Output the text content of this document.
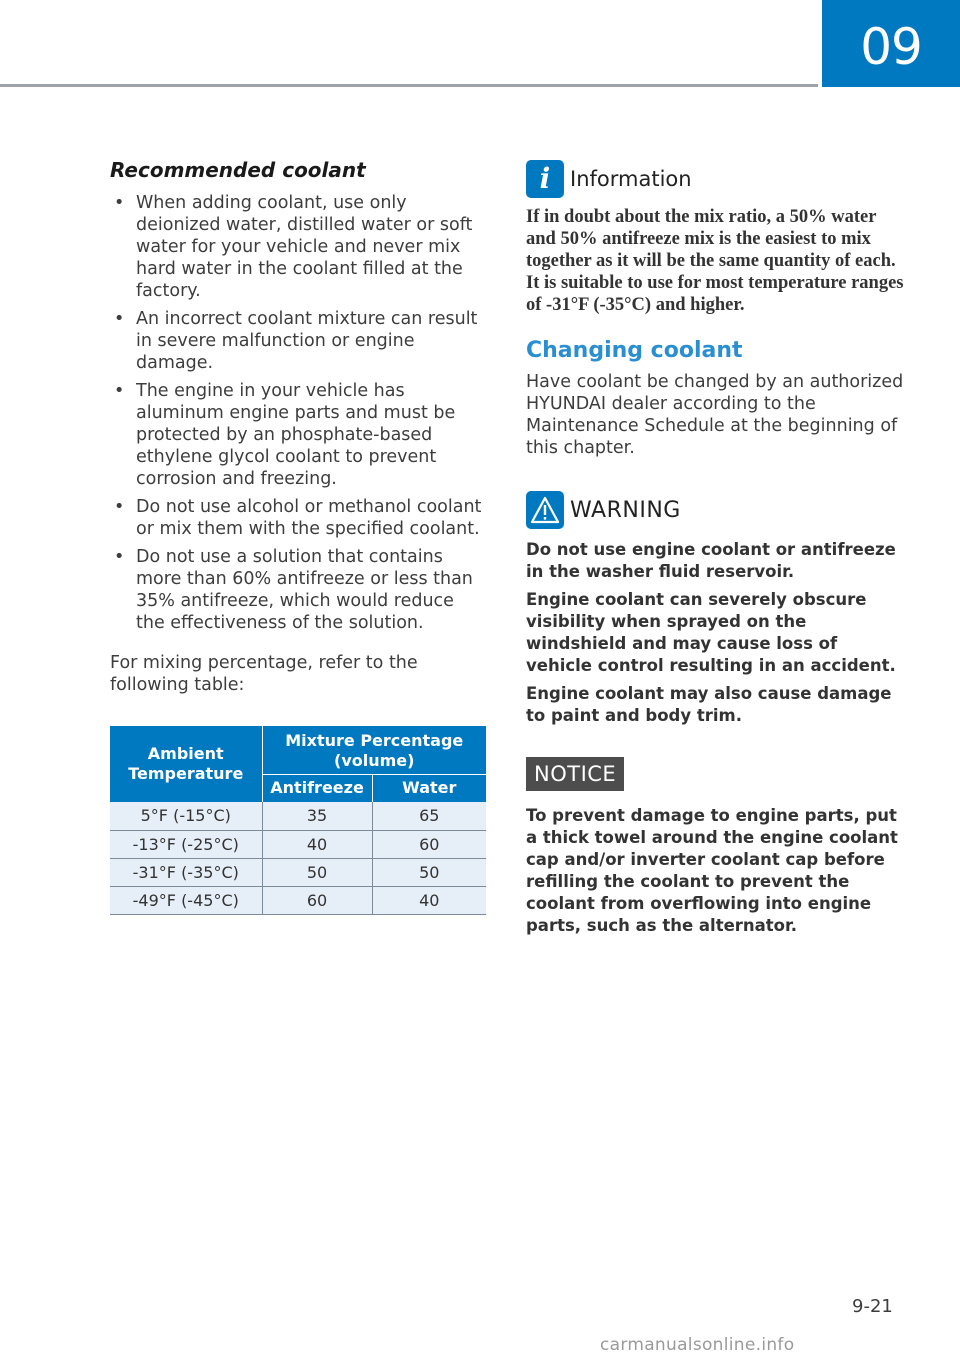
09
Recommended coolant
• When adding coolant, use only deionized water, distilled water or soft water for your vehicle and never mix hard water in the coolant filled at the factory.
• An incorrect coolant mixture can result in severe malfunction or engine damage.
• The engine in your vehicle has aluminum engine parts and must be protected by an phosphate-based ethylene glycol coolant to prevent corrosion and freezing.
• Do not use alcohol or methanol coolant or mix them with the specified coolant.
• Do not use a solution that contains more than 60% antifreeze or less than 35% antifreeze, which would reduce the effectiveness of the solution.

For mixing percentage, refer to the following table:

Ambient Temperature	Mixture Percentage (volume)	
	Antifreeze	Water
5°F (-15°C)	35	65
-13°F (-25°C)	40	60
-31°F (-35°C)	50	50
-49°F (-45°C)	60	40
i Information

If in doubt about the mix ratio, a 50% water and 50% antifreeze mix is the easiest to mix together as it will be the same quantity of each. It is suitable to use for most temperature ranges of -31°F (-35°C) and higher.

Changing coolant

Have coolant be changed by an authorized HYUNDAI dealer according to the Maintenance Schedule at the beginning of this chapter.

WARNING

Do not use engine coolant or antifreeze in the washer fluid reservoir.

Engine coolant can severely obscure visibility when sprayed on the windshield and may cause loss of vehicle control resulting in an accident.

Engine coolant may also cause damage to paint and body trim.

NOTICE

To prevent damage to engine parts, put a thick towel around the engine coolant cap and/or inverter coolant cap before refilling the coolant to prevent the coolant from overflowing into engine parts, such as the alternator.

9-21
carmanualsonline.info
